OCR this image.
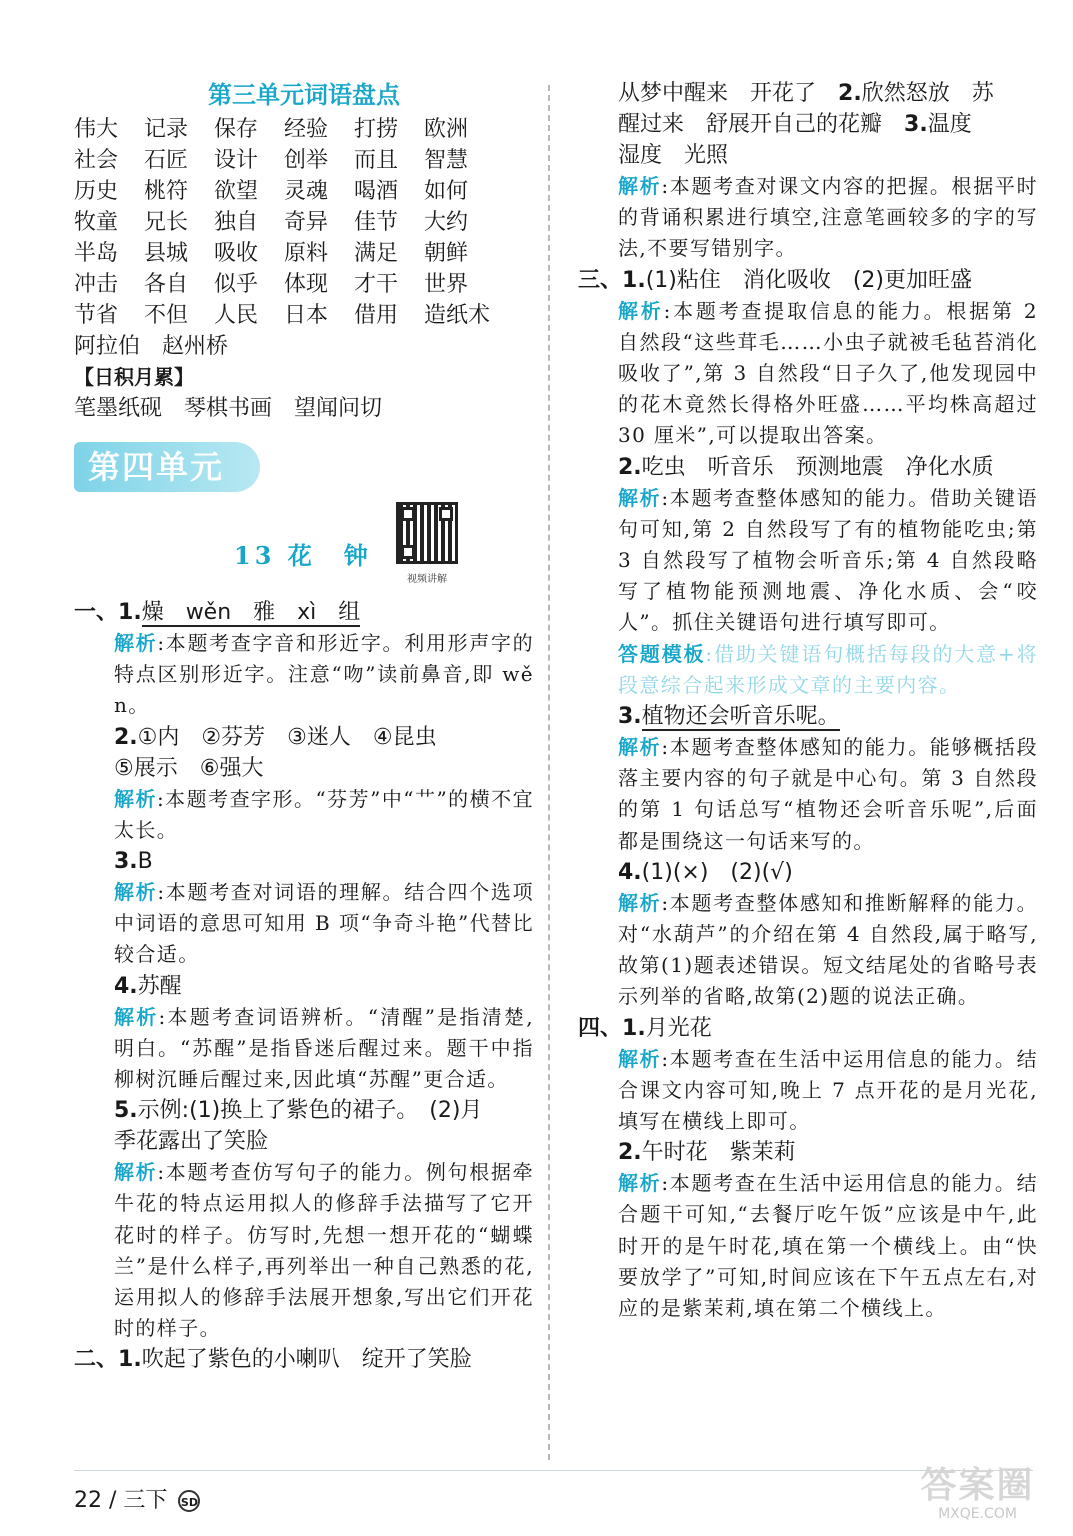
第三单元词语盘点
伟大	记录	保存	经验	打捞	欧洲
社会	石匠	设计	创举	而且	智慧
历史	桃符	欲望	灵魂	喝酒	如何
牧童	兄长	独自	奇异	佳节	大约
半岛	县城	吸收	原料	满足	朝鲜
冲击	各自	似乎	体现	才干	世界
节省	不但	人民	日本	借用	造纸术
阿拉伯　赵州桥
【日积月累】
笔墨纸砚　琴棋书画　望闻问切
第四单元
13 花　钟
视频讲解
一、1.燥　wěn　雅　xì　组
解析:本题考查字音和形近字。利用形声字的特点区别形近字。注意“吻”读前鼻音,即 wěn。
2.①内　②芬芳　③迷人　④昆虫
⑤展示　⑥强大
解析:本题考查字形。“芬芳”中“艹”的横不宜太长。
3.B
解析:本题考查对词语的理解。结合四个选项中词语的意思可知用 B 项“争奇斗艳”代替比较合适。
4.苏醒
解析:本题考查词语辨析。“清醒”是指清楚,明白。“苏醒”是指昏迷后醒过来。题干中指柳树沉睡后醒过来,因此填“苏醒”更合适。
5.示例:(1)换上了紫色的裙子。　(2)月
季花露出了笑脸
解析:本题考查仿写句子的能力。例句根据牵牛花的特点运用拟人的修辞手法描写了它开花时的样子。仿写时,先想一想开花的“蝴蝶兰”是什么样子,再列举出一种自己熟悉的花,运用拟人的修辞手法展开想象,写出它们开花时的样子。
二、1.吹起了紫色的小喇叭　绽开了笑脸
从梦中醒来　开花了　2.欣然怒放　苏
醒过来　舒展开自己的花瓣　3.温度
湿度　光照
解析:本题考查对课文内容的把握。根据平时的背诵积累进行填空,注意笔画较多的字的写法,不要写错别字。
三、1.(1)粘住　消化吸收　(2)更加旺盛
解析:本题考查提取信息的能力。根据第 2 自然段“这些茸毛……小虫子就被毛毡苔消化吸收了”,第 3 自然段“日子久了,他发现园中的花木竟然长得格外旺盛……平均株高超过 30 厘米”,可以提取出答案。
2.吃虫　听音乐　预测地震　净化水质
解析:本题考查整体感知的能力。借助关键语句可知,第 2 自然段写了有的植物能吃虫;第 3 自然段写了植物会听音乐;第 4 自然段略写了植物能预测地震、净化水质、会“咬人”。抓住关键语句进行填写即可。
答题模板:借助关键语句概括每段的大意+将段意综合起来形成文章的主要内容。
3.植物还会听音乐呢。
解析:本题考查整体感知的能力。能够概括段落主要内容的句子就是中心句。第 3 自然段的第 1 句话总写“植物还会听音乐呢”,后面都是围绕这一句话来写的。
4.(1)(×)　(2)(√)
解析:本题考查整体感知和推断解释的能力。对“水葫芦”的介绍在第 4 自然段,属于略写,故第(1)题表述错误。短文结尾处的省略号表示列举的省略,故第(2)题的说法正确。
四、1.月光花
解析:本题考查在生活中运用信息的能力。结合课文内容可知,晚上 7 点开花的是月光花,填写在横线上即可。
2.午时花　紫茉莉
解析:本题考查在生活中运用信息的能力。结合题干可知,“去餐厅吃午饭”应该是中午,此时开的是午时花,填在第一个横线上。由“快要放学了”可知,时间应该在下午五点左右,对应的是紫茉莉,填在第二个横线上。
22 / 三下 SD	答案圈
MXQE.COM
